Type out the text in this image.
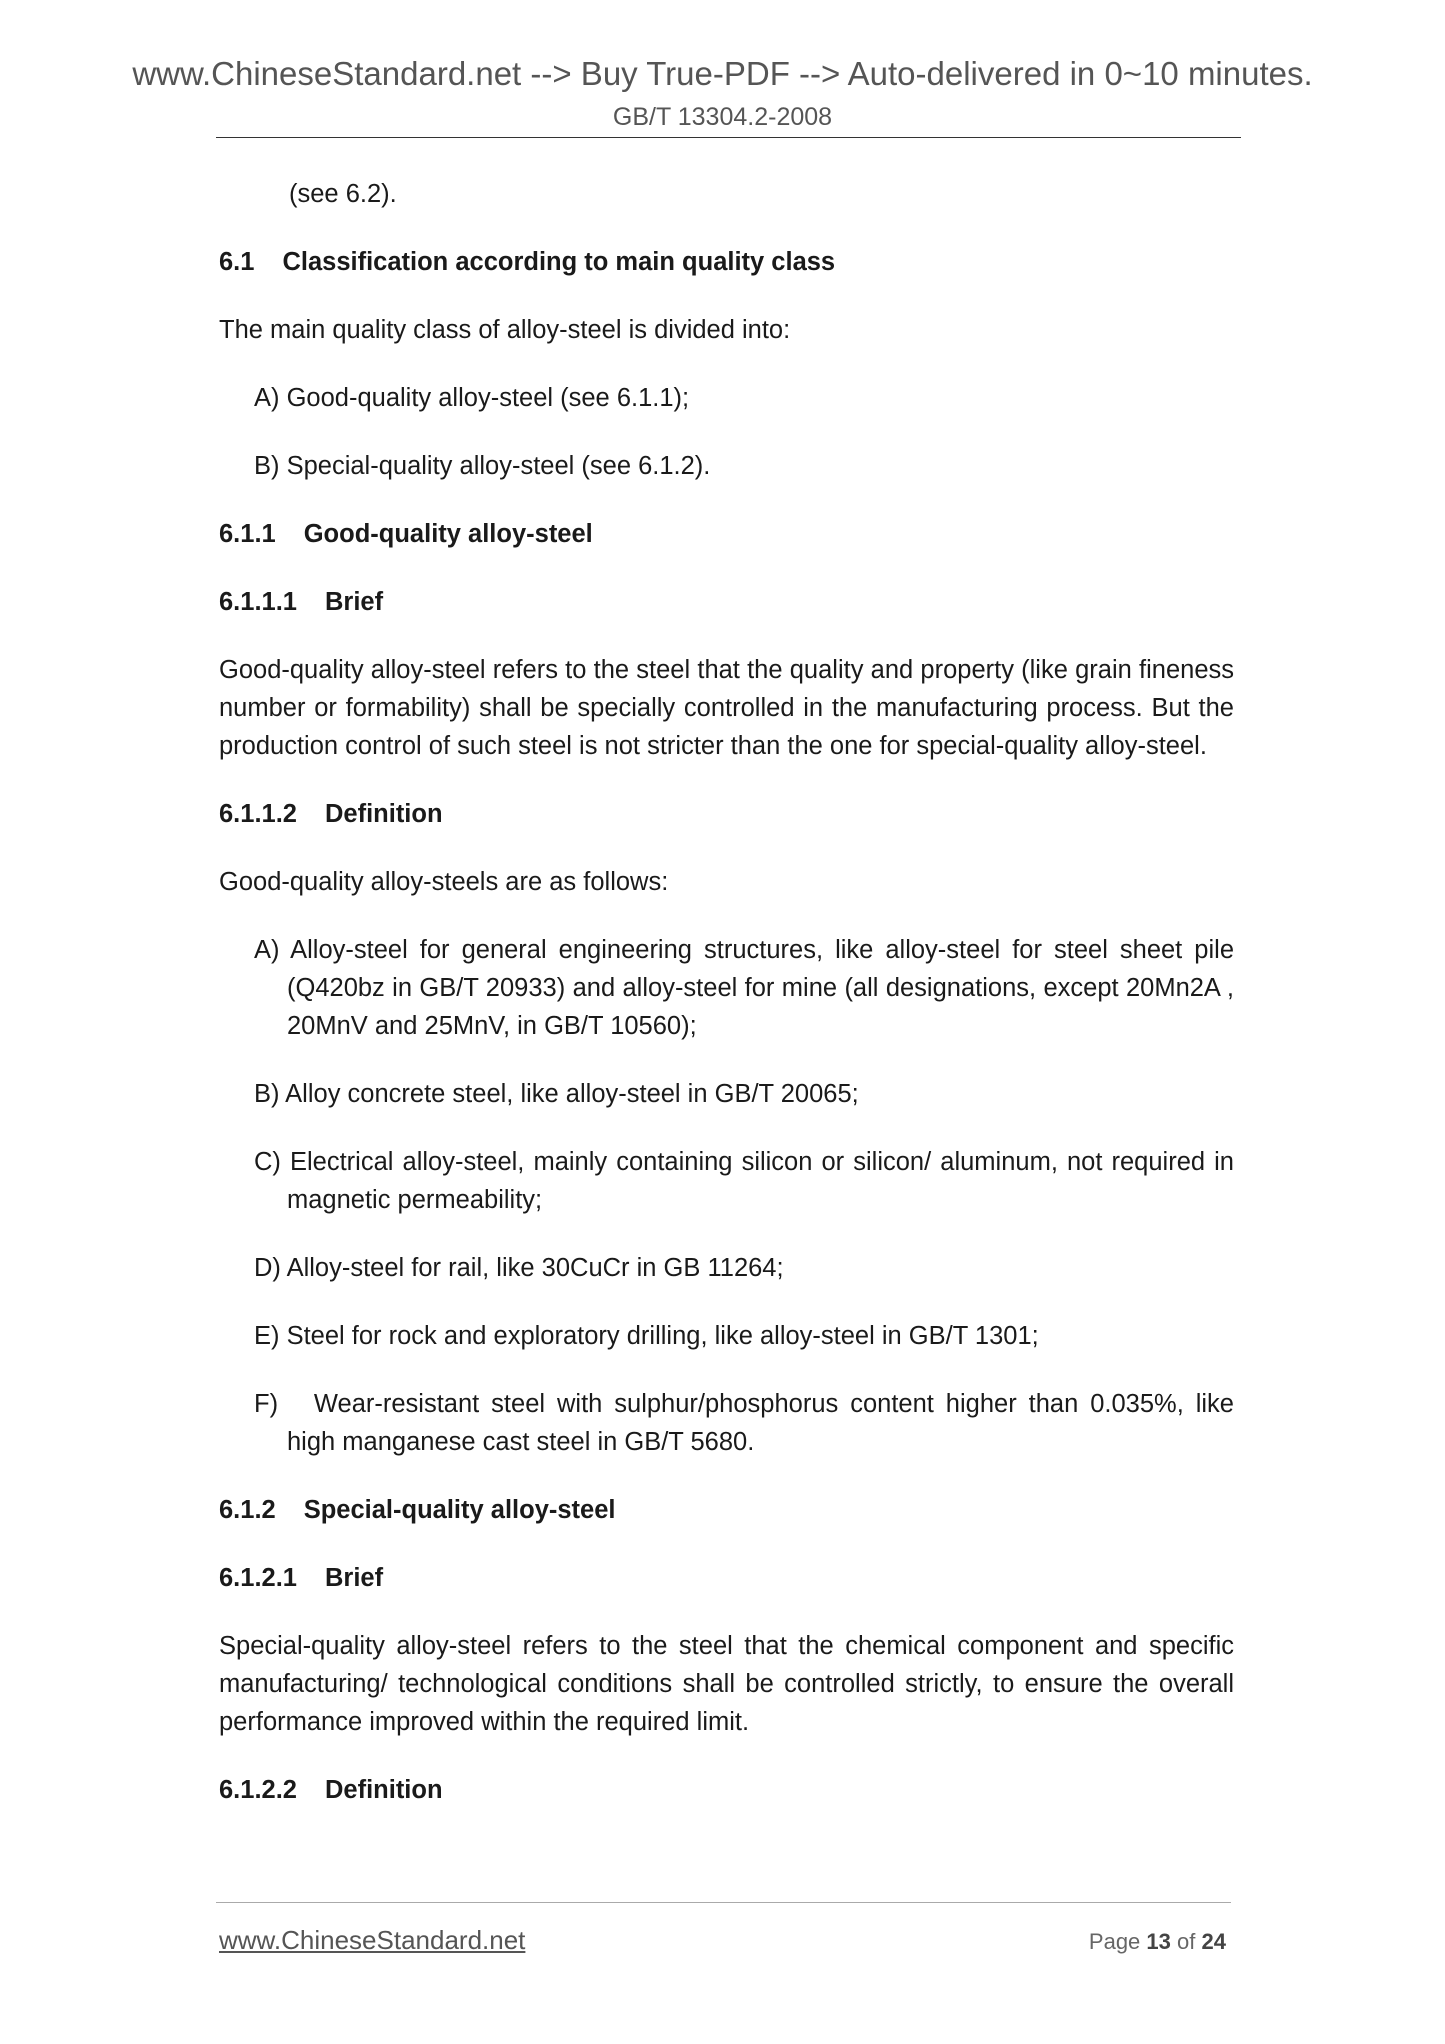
www.ChineseStandard.net --> Buy True-PDF --> Auto-delivered in 0~10 minutes.
GB/T 13304.2-2008
(see 6.2).
6.1 Classification according to main quality class
The main quality class of alloy-steel is divided into:
A) Good-quality alloy-steel (see 6.1.1);
B) Special-quality alloy-steel (see 6.1.2).
6.1.1 Good-quality alloy-steel
6.1.1.1 Brief
Good-quality alloy-steel refers to the steel that the quality and property (like grain fineness number or formability) shall be specially controlled in the manufacturing process. But the production control of such steel is not stricter than the one for special-quality alloy-steel.
6.1.1.2 Definition
Good-quality alloy-steels are as follows:
A) Alloy-steel for general engineering structures, like alloy-steel for steel sheet pile (Q420bz in GB/T 20933) and alloy-steel for mine (all designations, except 20Mn2A , 20MnV and 25MnV, in GB/T 10560);
B) Alloy concrete steel, like alloy-steel in GB/T 20065;
C) Electrical alloy-steel, mainly containing silicon or silicon/ aluminum, not required in magnetic permeability;
D) Alloy-steel for rail, like 30CuCr in GB 11264;
E) Steel for rock and exploratory drilling, like alloy-steel in GB/T 1301;
F)   Wear-resistant steel with sulphur/phosphorus content higher than 0.035%, like high manganese cast steel in GB/T 5680.
6.1.2 Special-quality alloy-steel
6.1.2.1 Brief
Special-quality alloy-steel refers to the steel that the chemical component and specific manufacturing/ technological conditions shall be controlled strictly, to ensure the overall performance improved within the required limit.
6.1.2.2 Definition
www.ChineseStandard.net	Page 13 of 24
